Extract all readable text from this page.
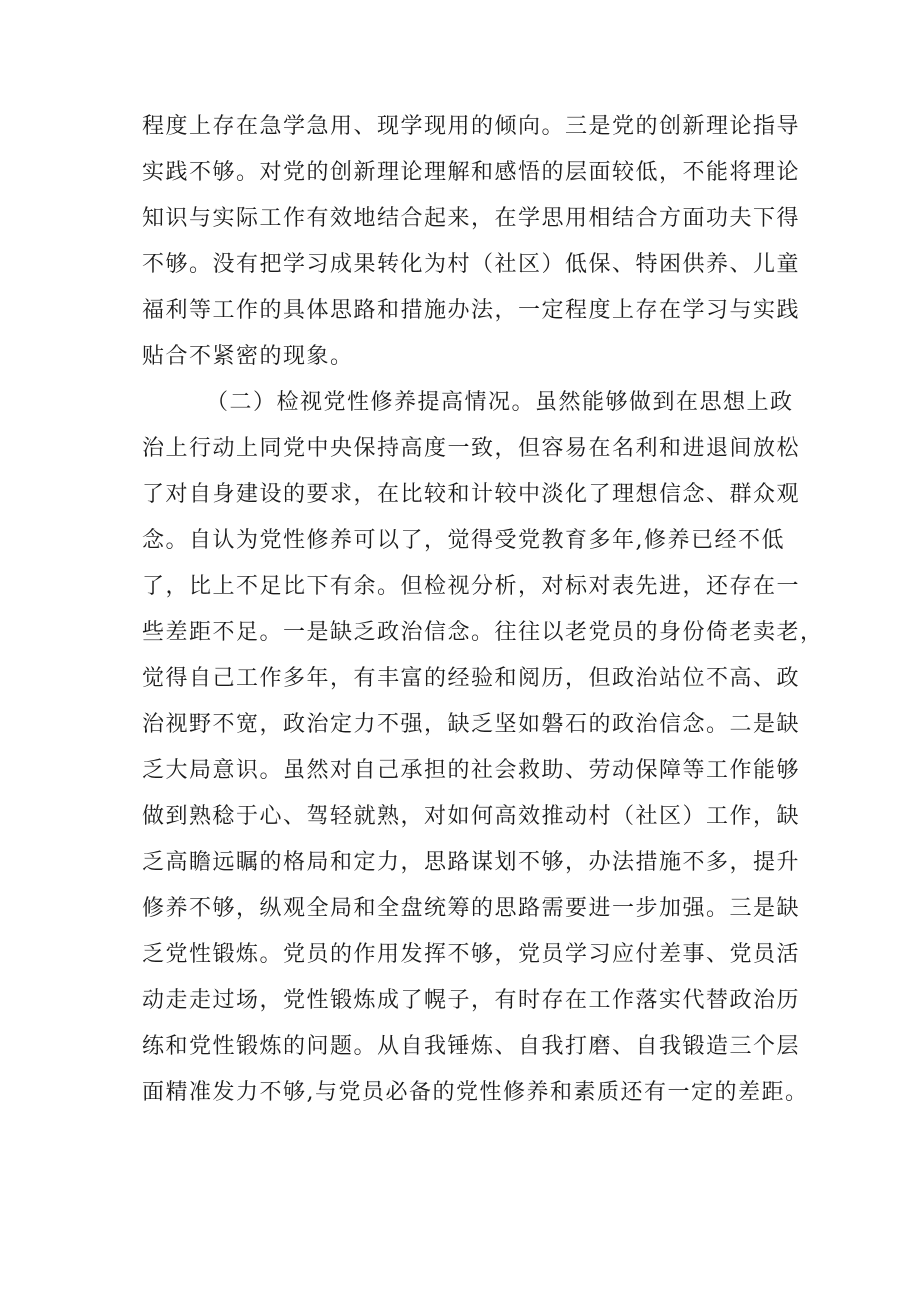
程度上存在急学急用、现学现用的倾向。三是党的创新理论指导
实践不够。对党的创新理论理解和感悟的层面较低，不能将理论
知识与实际工作有效地结合起来，在学思用相结合方面功夫下得
不够。没有把学习成果转化为村（社区）低保、特困供养、儿童
福利等工作的具体思路和措施办法，一定程度上存在学习与实践
贴合不紧密的现象。
（二）检视党性修养提高情况。虽然能够做到在思想上政
治上行动上同党中央保持高度一致，但容易在名利和进退间放松
了对自身建设的要求，在比较和计较中淡化了理想信念、群众观
念。自认为党性修养可以了，觉得受党教育多年,修养已经不低
了，比上不足比下有余。但检视分析，对标对表先进，还存在一
些差距不足。一是缺乏政治信念。往往以老党员的身份倚老卖老，
觉得自己工作多年，有丰富的经验和阅历，但政治站位不高、政
治视野不宽，政治定力不强，缺乏坚如磐石的政治信念。二是缺
乏大局意识。虽然对自己承担的社会救助、劳动保障等工作能够
做到熟稔于心、驾轻就熟，对如何高效推动村（社区）工作，缺
乏高瞻远瞩的格局和定力，思路谋划不够，办法措施不多，提升
修养不够，纵观全局和全盘统筹的思路需要进一步加强。三是缺
乏党性锻炼。党员的作用发挥不够，党员学习应付差事、党员活
动走走过场，党性锻炼成了幌子，有时存在工作落实代替政治历
练和党性锻炼的问题。从自我锤炼、自我打磨、自我锻造三个层
面精准发力不够,与党员必备的党性修养和素质还有一定的差距。
